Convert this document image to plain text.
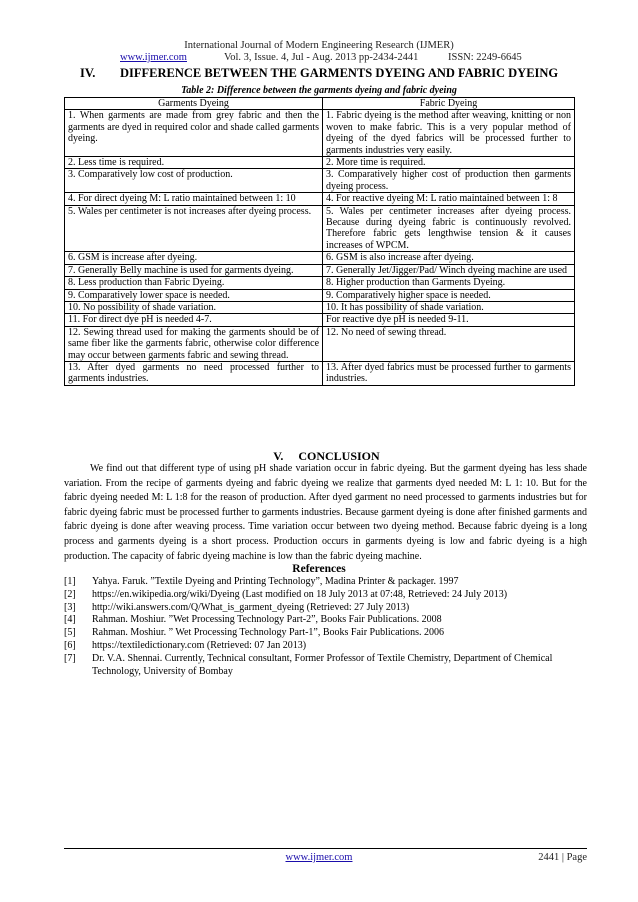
International Journal of Modern Engineering Research (IJMER)
www.ijmer.com	Vol. 3, Issue. 4, Jul - Aug. 2013 pp-2434-2441	ISSN: 2249-6645
IV. DIFFERENCE BETWEEN THE GARMENTS DYEING AND FABRIC DYEING
Table 2: Difference between the garments dyeing and fabric dyeing
Garments Dyeing	Fabric Dyeing
1. When garments are made from grey fabric and then the garments are dyed in required color and shade called garments dyeing.	1. Fabric dyeing is the method after weaving, knitting or non woven to make fabric. This is a very popular method of dyeing of the dyed fabrics will be processed further to garments industries very easily.
2. Less time is required.	2. More time is required.
3. Comparatively low cost of production.	3. Comparatively higher cost of production then garments dyeing process.
4. For direct dyeing M: L ratio maintained between 1: 10	4. For reactive dyeing M: L ratio maintained between 1: 8
5. Wales per centimeter is not increases after dyeing process.	5. Wales per centimeter increases after dyeing process. Because during dyeing fabric is continuously revolved. Therefore fabric gets lengthwise tension & it causes increases of WPCM.
6. GSM is increase after dyeing.	6. GSM is also increase after dyeing.
7. Generally Belly machine is used for garments dyeing.	7. Generally Jet/Jigger/Pad/ Winch dyeing machine are used
8. Less production than Fabric Dyeing.	8. Higher production than Garments Dyeing.
9. Comparatively lower space is needed.	9. Comparatively higher space is needed.
10. No possibility of shade variation.	10. It has possibility of shade variation.
11. For direct dye pH is needed 4-7.	For reactive dye pH is needed 9-11.
12. Sewing thread used for making the garments should be of same fiber like the garments fabric, otherwise color difference may occur between garments fabric and sewing thread.	12. No need of sewing thread.
13. After dyed garments no need processed further to garments industries.	13. After dyed fabrics must be processed further to garments industries.
V. CONCLUSION

We find out that different type of using pH shade variation occur in fabric dyeing. But the garment dyeing has less shade variation. From the recipe of garments dyeing and fabric dyeing we realize that garments dyed needed M: L 1: 10. But for the fabric dyeing needed M: L 1:8 for the reason of production. After dyed garment no need processed to garments industries but for fabric dyeing fabric must be processed further to garments industries. Because garment dyeing is done after finished garments and fabric dyeing is done after weaving process. Time variation occur between two dyeing method. Because fabric dyeing is a long process and garments dyeing is a short process. Production occurs in garments dyeing is low and fabric dyeing is a high production. The capacity of fabric dyeing machine is low than the fabric dyeing machine.

References
[1]	Yahya. Faruk. ”Textile Dyeing and Printing Technology”, Madina Printer & packager. 1997
[2]	https://en.wikipedia.org/wiki/Dyeing (Last modified on 18 July 2013 at 07:48, Retrieved: 24 July 2013)
[3]	http://wiki.answers.com/Q/What_is_garment_dyeing (Retrieved: 27 July 2013)
[4]	Rahman. Moshiur. ”Wet Processing Technology Part-2”, Books Fair Publications. 2008
[5]	Rahman. Moshiur. ” Wet Processing Technology Part-1”, Books Fair Publications. 2006
[6]	https://textiledictionary.com (Retrieved: 07 Jan 2013)
[7]	Dr. V.A. Shennai. Currently, Technical consultant, Former Professor of Textile Chemistry, Department of Chemical Technology, University of Bombay
www.ijmer.com	2441 | Page
